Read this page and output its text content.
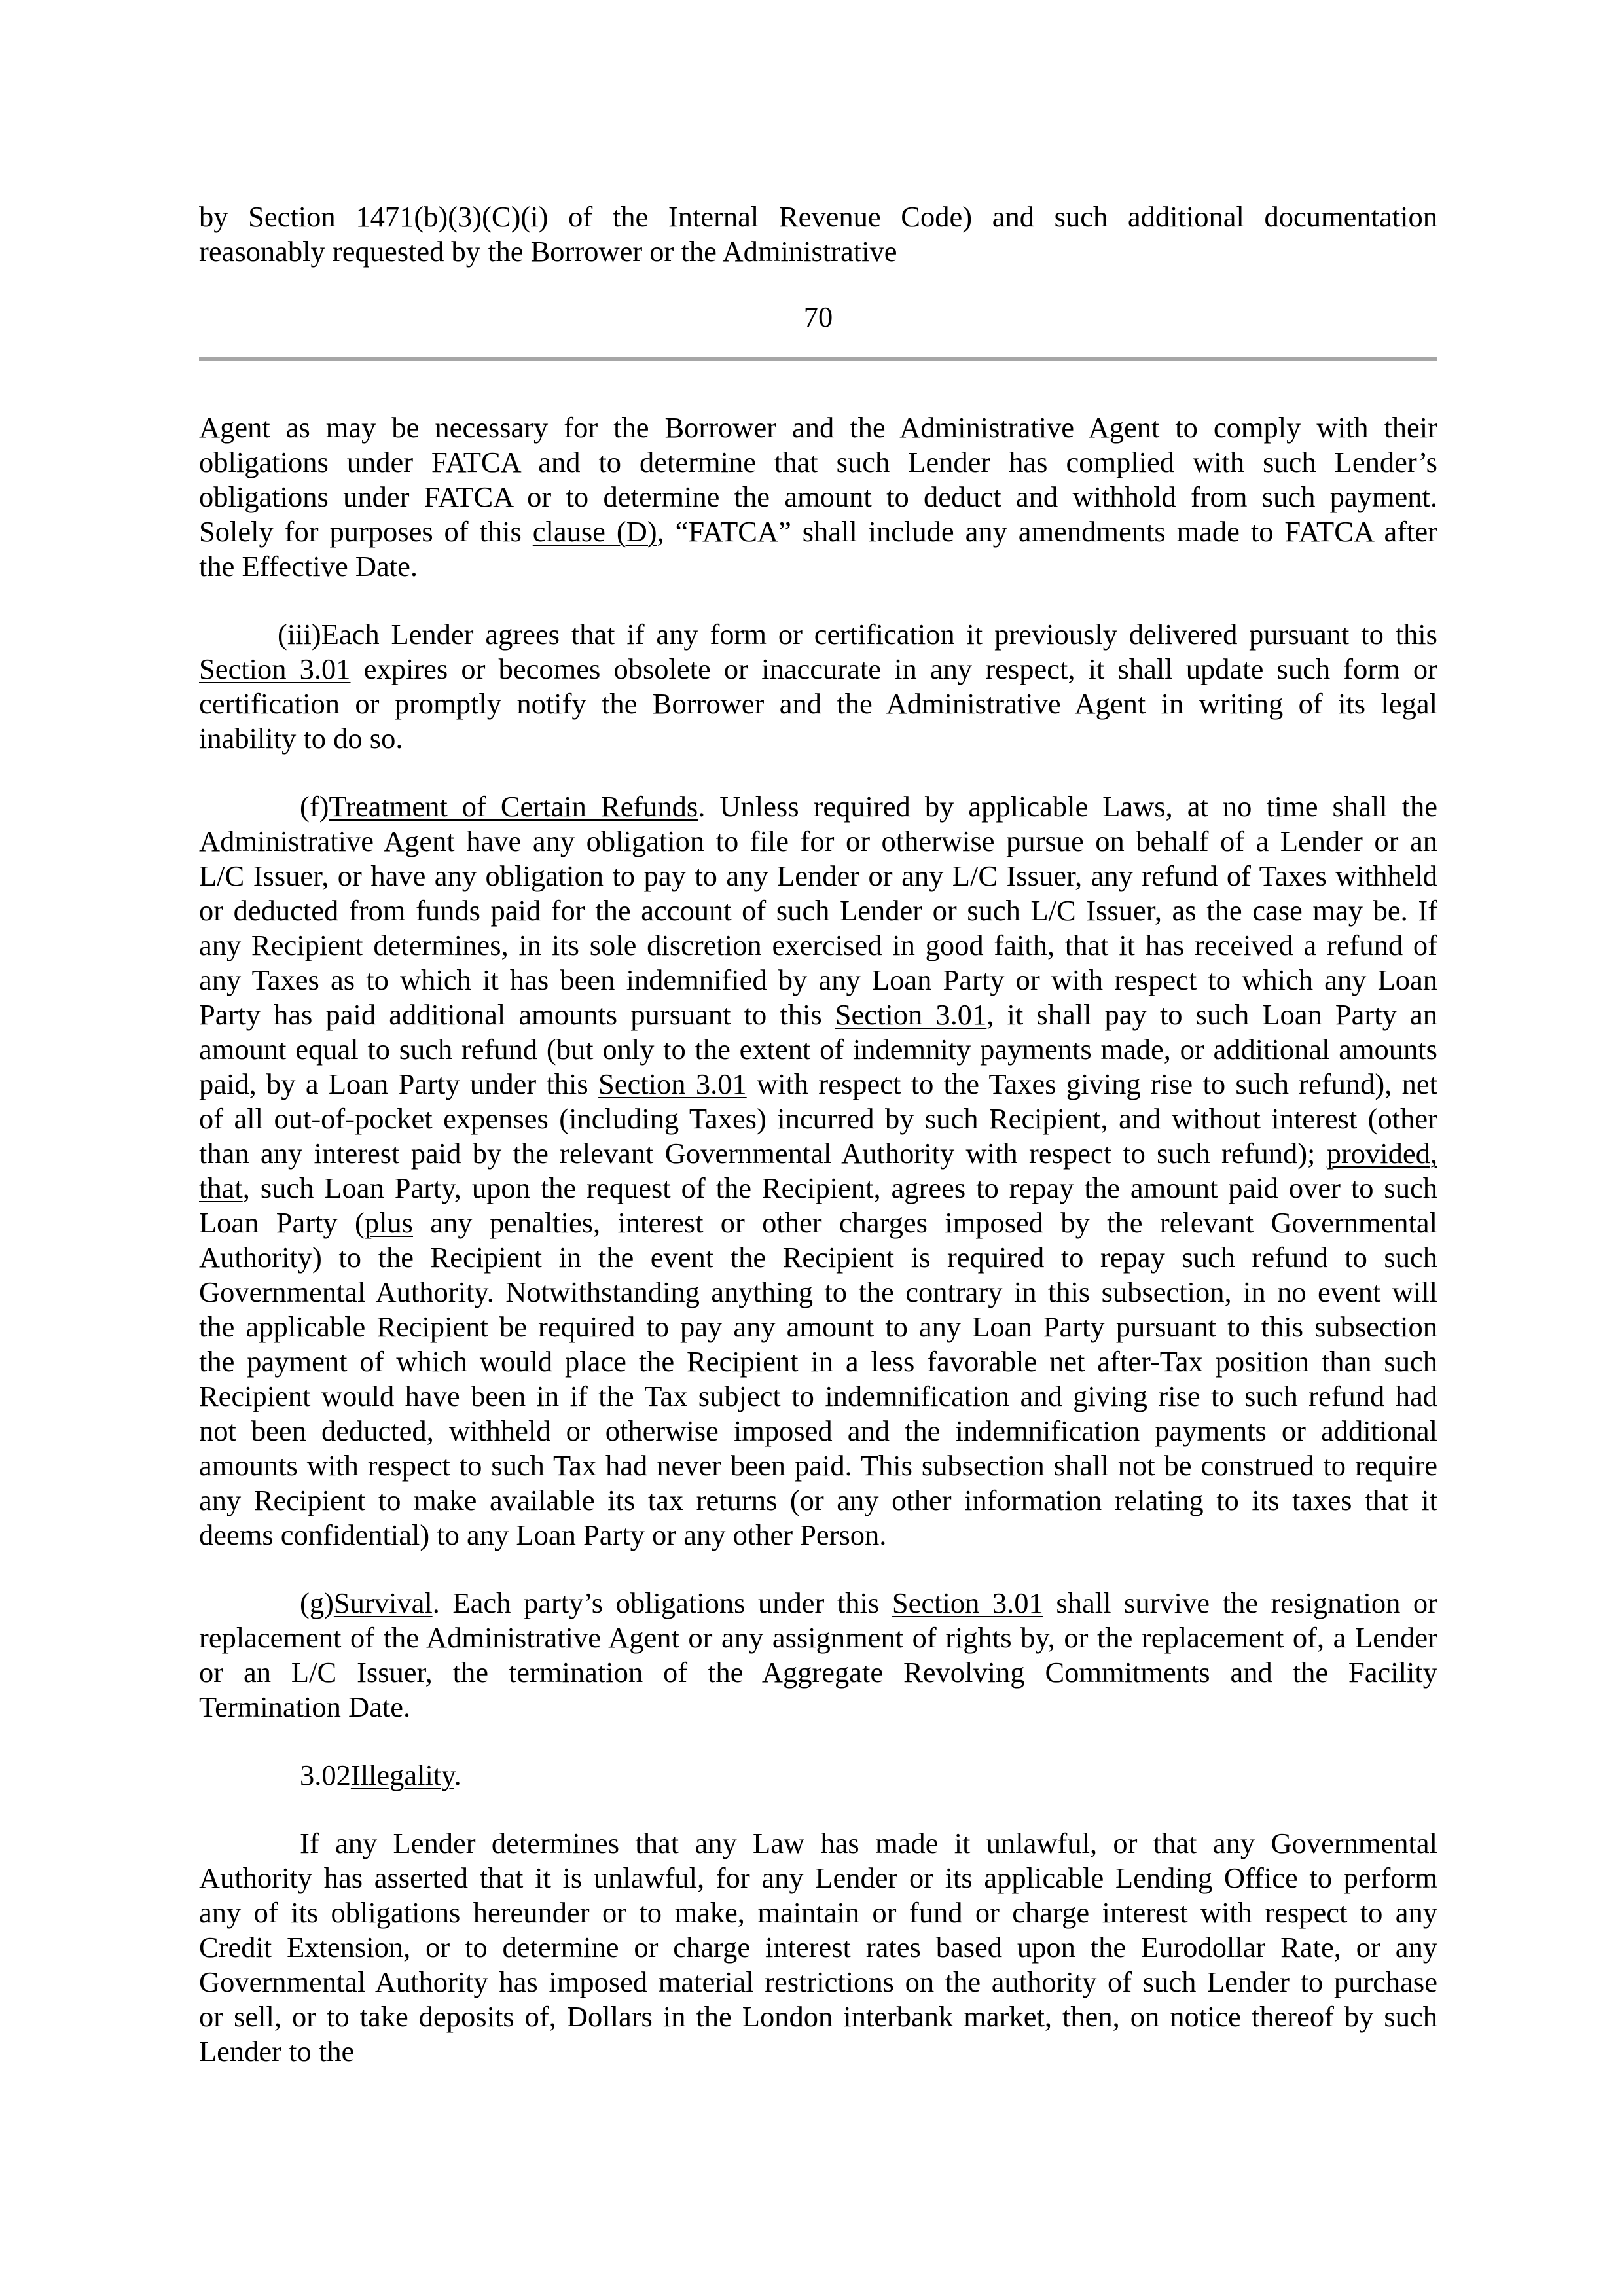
by Section 1471(b)(3)(C)(i) of the Internal Revenue Code) and such additional documentation
reasonably requested by the Borrower or the Administrative
70
Agent as may be necessary for the Borrower and the Administrative Agent to comply with their
obligations under FATCA and to determine that such Lender has complied with such Lender’s
obligations under FATCA or to determine the amount to deduct and withhold from such payment.
Solely for purposes of this clause (D), “FATCA” shall include any amendments made to FATCA after
the Effective Date.
(iii)Each Lender agrees that if any form or certification it previously delivered pursuant to this
Section 3.01 expires or becomes obsolete or inaccurate in any respect, it shall update such form or
certification or promptly notify the Borrower and the Administrative Agent in writing of its legal
inability to do so.
(f)Treatment of Certain Refunds. Unless required by applicable Laws, at no time shall the
Administrative Agent have any obligation to file for or otherwise pursue on behalf of a Lender or an
L/C Issuer, or have any obligation to pay to any Lender or any L/C Issuer, any refund of Taxes withheld
or deducted from funds paid for the account of such Lender or such L/C Issuer, as the case may be. If
any Recipient determines, in its sole discretion exercised in good faith, that it has received a refund of
any Taxes as to which it has been indemnified by any Loan Party or with respect to which any Loan
Party has paid additional amounts pursuant to this Section 3.01, it shall pay to such Loan Party an
amount equal to such refund (but only to the extent of indemnity payments made, or additional amounts
paid, by a Loan Party under this Section 3.01 with respect to the Taxes giving rise to such refund), net
of all out-of-pocket expenses (including Taxes) incurred by such Recipient, and without interest (other
than any interest paid by the relevant Governmental Authority with respect to such refund); provided,
that, such Loan Party, upon the request of the Recipient, agrees to repay the amount paid over to such
Loan Party (plus any penalties, interest or other charges imposed by the relevant Governmental
Authority) to the Recipient in the event the Recipient is required to repay such refund to such
Governmental Authority. Notwithstanding anything to the contrary in this subsection, in no event will
the applicable Recipient be required to pay any amount to any Loan Party pursuant to this subsection
the payment of which would place the Recipient in a less favorable net after-Tax position than such
Recipient would have been in if the Tax subject to indemnification and giving rise to such refund had
not been deducted, withheld or otherwise imposed and the indemnification payments or additional
amounts with respect to such Tax had never been paid. This subsection shall not be construed to require
any Recipient to make available its tax returns (or any other information relating to its taxes that it
deems confidential) to any Loan Party or any other Person.
(g)Survival. Each party’s obligations under this Section 3.01 shall survive the resignation or
replacement of the Administrative Agent or any assignment of rights by, or the replacement of, a Lender
or an L/C Issuer, the termination of the Aggregate Revolving Commitments and the Facility
Termination Date.
3.02Illegality.
If any Lender determines that any Law has made it unlawful, or that any Governmental
Authority has asserted that it is unlawful, for any Lender or its applicable Lending Office to perform
any of its obligations hereunder or to make, maintain or fund or charge interest with respect to any
Credit Extension, or to determine or charge interest rates based upon the Eurodollar Rate, or any
Governmental Authority has imposed material restrictions on the authority of such Lender to purchase
or sell, or to take deposits of, Dollars in the London interbank market, then, on notice thereof by such
Lender to the
